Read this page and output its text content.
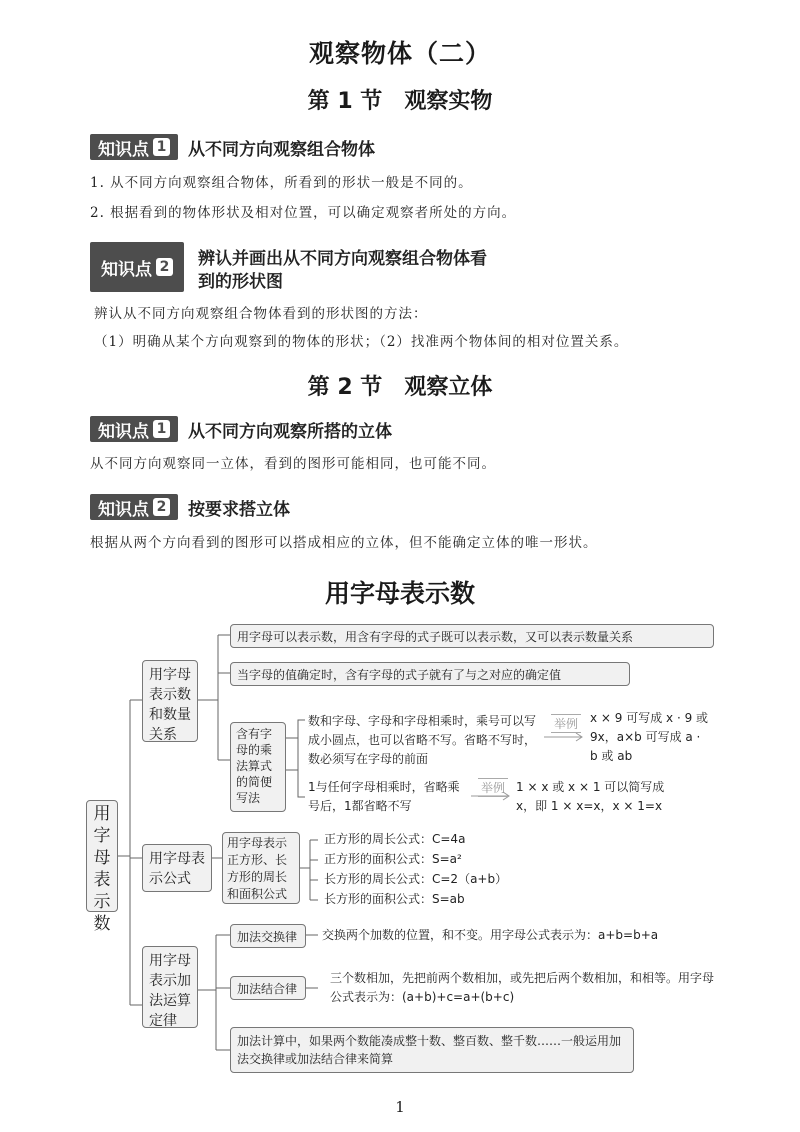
观察物体（二）
第 1 节 观察实物
知识点 1 从不同方向观察组合物体
1. 从不同方向观察组合物体，所看到的形状一般是不同的。
2. 根据看到的物体形状及相对位置，可以确定观察者所处的方向。
知识点 2 辨认并画出从不同方向观察组合物体看
到的形状图
辨认从不同方向观察组合物体看到的形状图的方法：
（1）明确从某个方向观察到的物体的形状；（2）找准两个物体间的相对位置关系。
第 2 节 观察立体
知识点 1 从不同方向观察所搭的立体
从不同方向观察同一立体，看到的图形可能相同，也可能不同。
知识点 2 按要求搭立体
根据从两个方向看到的图形可以搭成相应的立体，但不能确定立体的唯一形状。
用字母表示数
用字母表示数
用字母表示数和数量关系
用字母可以表示数，用含有字母的式子既可以表示数，又可以表示数量关系
当字母的值确定时，含有字母的式子就有了与之对应的确定值
含有字母的乘法算式的简便写法
数和字母、字母和字母相乘时，乘号可以写成小圆点，也可以省略不写。省略不写时，数必须写在字母的前面
举例 x × 9 可写成 x · 9 或 9x，a×b 可写成 a · b 或 ab
1与任何字母相乘时，省略乘号后，1都省略不写
举例 1 × x 或 x × 1 可以简写成 x，即 1 × x=x，x × 1=x
用字母表示公式
用字母表示正方形、长方形的周长和面积公式
正方形的周长公式：C=4a
正方形的面积公式：S=a²
长方形的周长公式：C=2（a+b）
长方形的面积公式：S=ab
用字母表示加法运算定律
加法交换律	交换两个加数的位置，和不变。用字母公式表示为：a+b=b+a
加法结合律
三个数相加，先把前两个数相加，或先把后两个数相加，和相等。用字母公式表示为：(a+b)+c=a+(b+c)
加法计算中，如果两个数能凑成整十数、整百数、整千数……一般运用加法交换律或加法结合律来简算
1
